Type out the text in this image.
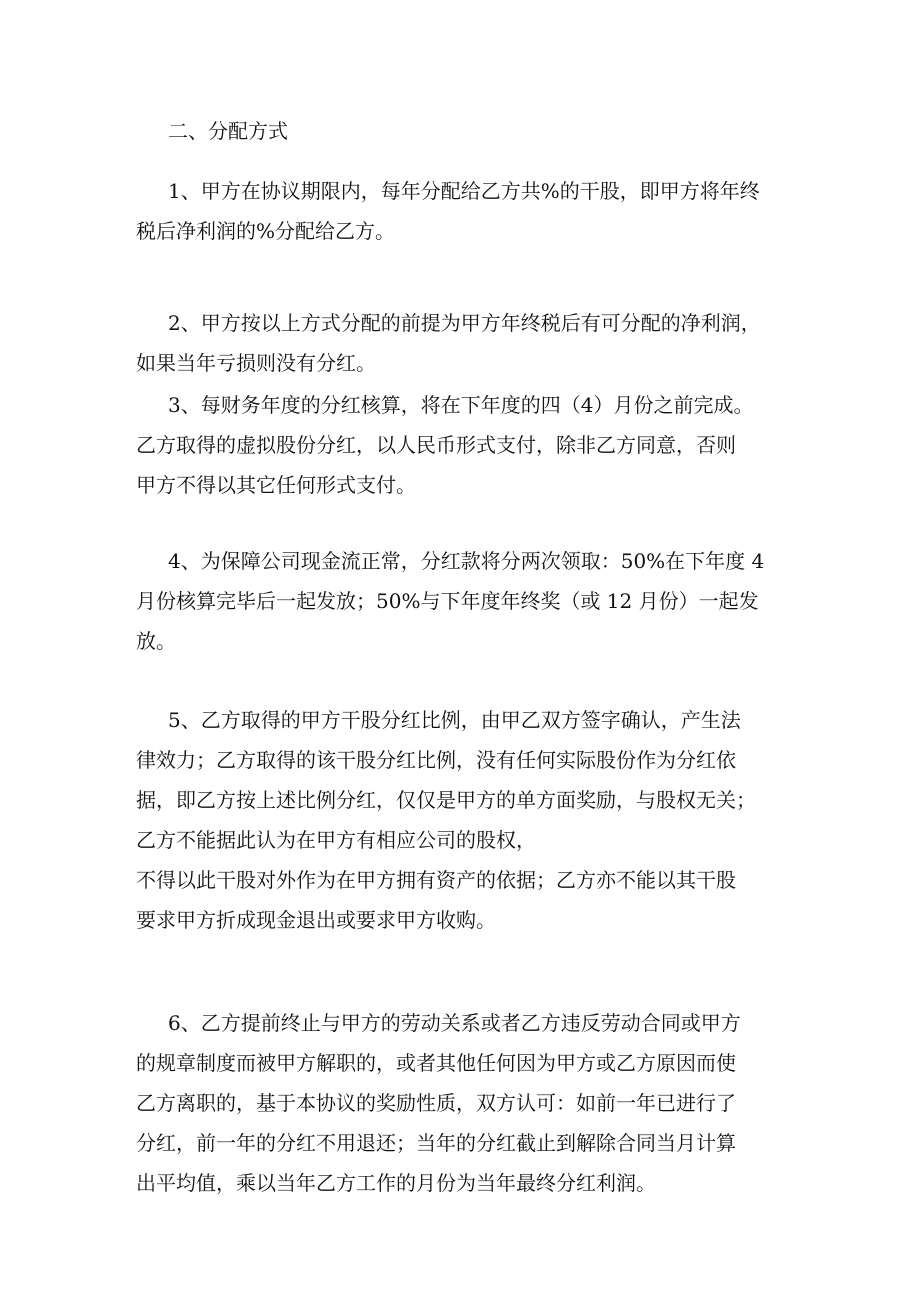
二、分配方式
1、甲方在协议期限内，每年分配给乙方共%的干股，即甲方将年终
税后净利润的%分配给乙方。
2、甲方按以上方式分配的前提为甲方年终税后有可分配的净利润，
如果当年亏损则没有分红。
3、每财务年度的分红核算，将在下年度的四（4）月份之前完成。
乙方取得的虚拟股份分红，以人民币形式支付，除非乙方同意，否则
甲方不得以其它任何形式支付。
4、为保障公司现金流正常，分红款将分两次领取：50%在下年度 4
月份核算完毕后一起发放；50%与下年度年终奖（或 12 月份）一起发
放。
5、乙方取得的甲方干股分红比例，由甲乙双方签字确认，产生法
律效力；乙方取得的该干股分红比例，没有任何实际股份作为分红依
据，即乙方按上述比例分红，仅仅是甲方的单方面奖励，与股权无关；
乙方不能据此认为在甲方有相应公司的股权，
不得以此干股对外作为在甲方拥有资产的依据；乙方亦不能以其干股
要求甲方折成现金退出或要求甲方收购。
6、乙方提前终止与甲方的劳动关系或者乙方违反劳动合同或甲方
的规章制度而被甲方解职的，或者其他任何因为甲方或乙方原因而使
乙方离职的，基于本协议的奖励性质，双方认可：如前一年已进行了
分红，前一年的分红不用退还；当年的分红截止到解除合同当月计算
出平均值，乘以当年乙方工作的月份为当年最终分红利润。
